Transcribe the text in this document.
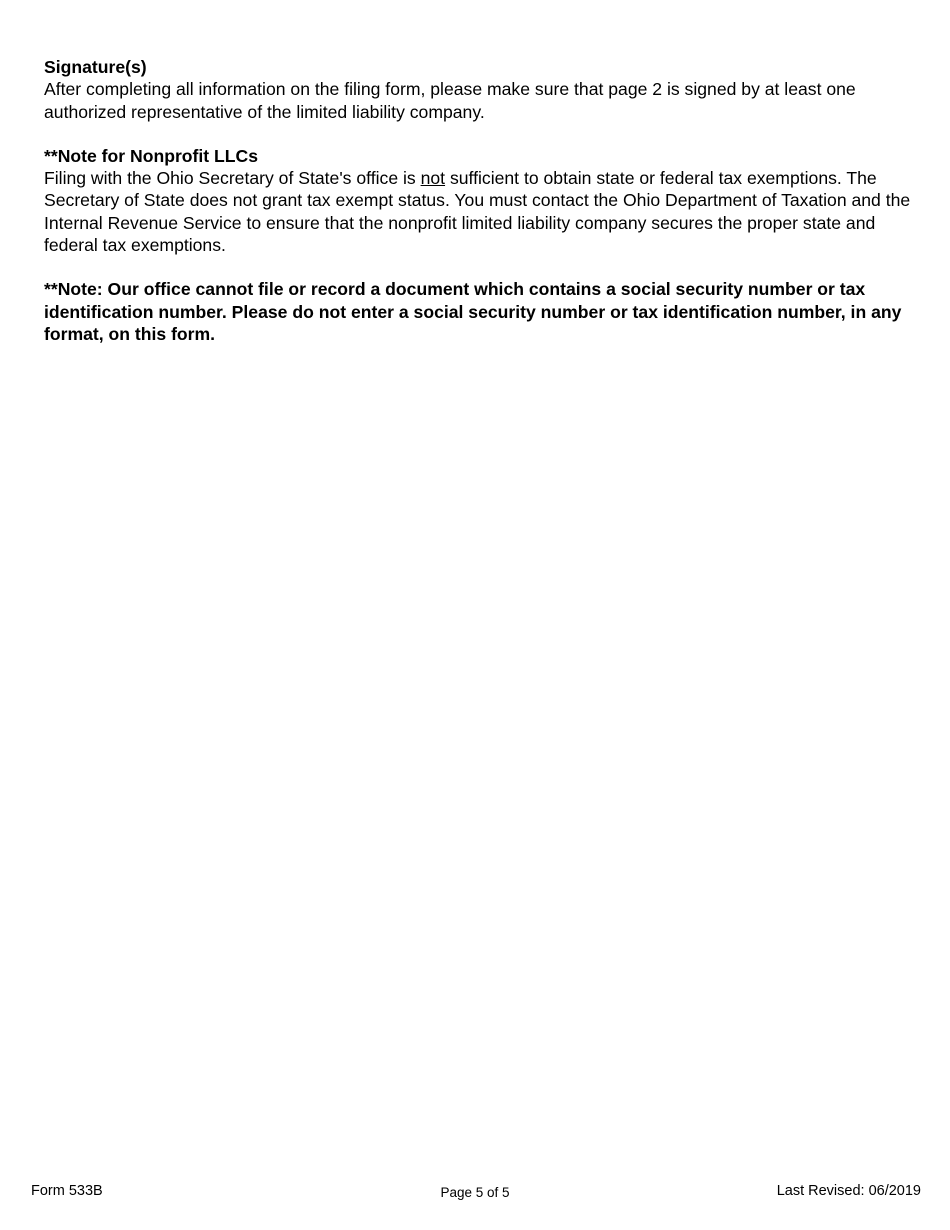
Signature(s)

After completing all information on the filing form, please make sure that page 2 is signed by at least one authorized representative of the limited liability company.

**Note for Nonprofit LLCs

Filing with the Ohio Secretary of State's office is not sufficient to obtain state or federal tax exemptions. The Secretary of State does not grant tax exempt status. You must contact the Ohio Department of Taxation and the Internal Revenue Service to ensure that the nonprofit limited liability company secures the proper state and federal tax exemptions.

**Note: Our office cannot file or record a document which contains a social security number or tax identification number. Please do not enter a social security number or tax identification number, in any format, on this form.

Form 533B	Page 5 of 5	Last Revised: 06/2019
